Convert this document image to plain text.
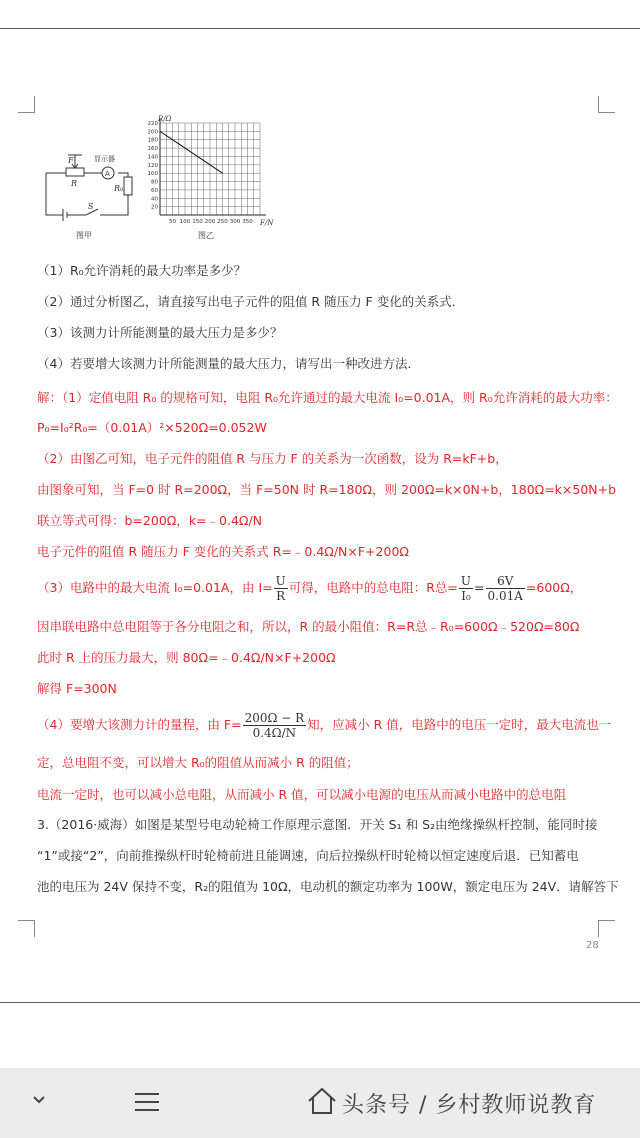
F	显示器
A
R
R₀
S
图甲
220
200
180
160
140
120
100
80
60
40
20
50 100 150 200 250 300 350
R/Ω
F/N
图乙
（1）R₀允许消耗的最大功率是多少？
（2）通过分析图乙，请直接写出电子元件的阻值 R 随压力 F 变化的关系式．
（3）该测力计所能测量的最大压力是多少？
（4）若要增大该测力计所能测量的最大压力，请写出一种改进方法．
解：（1）定值电阻 R₀ 的规格可知，电阻 R₀允许通过的最大电流 I₀=0.01A，则 R₀允许消耗的最大功率：
P₀=I₀²R₀=（0.01A）²×520Ω=0.052W
（2）由图乙可知，电子元件的阻值 R 与压力 F 的关系为一次函数，设为 R=kF+b，
由图象可知，当 F=0 时 R=200Ω，当 F=50N 时 R=180Ω，则 200Ω=k×0N+b，180Ω=k×50N+b
联立等式可得：b=200Ω，k=﹣0.4Ω/N
电子元件的阻值 R 随压力 F 变化的关系式 R=﹣0.4Ω/N×F+200Ω
（3）电路中的最大电流 I₀=0.01A，由 $I= \frac{U}{R}$ 可得，电路中的总电阻：R总= $\frac{U}{\text{I₀}} = \frac{6V}{0.01A} =600\Omega$，
因串联电路中总电阻等于各分电阻之和，所以，R 的最小阻值：R=R总﹣R₀=600Ω﹣520Ω=80Ω
此时 R 上的压力最大，则 80Ω=﹣0.4Ω/N×F+200Ω
解得 F=300N
（4）要增大该测力计的量程，由 $F= \frac{200\Omega - R}{0.4\Omega/N}$ 知，应减小 R 值，电路中的电压一定时，最大电流也一
定，总电阻不变，可以增大 R₀的阻值从而减小 R 的阻值；
电流一定时，也可以减小总电阻，从而减小 R 值，可以减小电源的电压从而减小电路中的总电阻
3.（2016·威海）如图是某型号电动轮椅工作原理示意图．开关 S₁ 和 S₂由绝缘操纵杆控制，能同时接
“1”或接“2”，向前推操纵杆时轮椅前进且能调速，向后拉操纵杆时轮椅以恒定速度后退．已知蓄电
池的电压为 24V 保持不变，R₂的阻值为 10Ω，电动机的额定功率为 100W，额定电压为 24V．请解答下
28
头条号 / 乡村教师说教育
